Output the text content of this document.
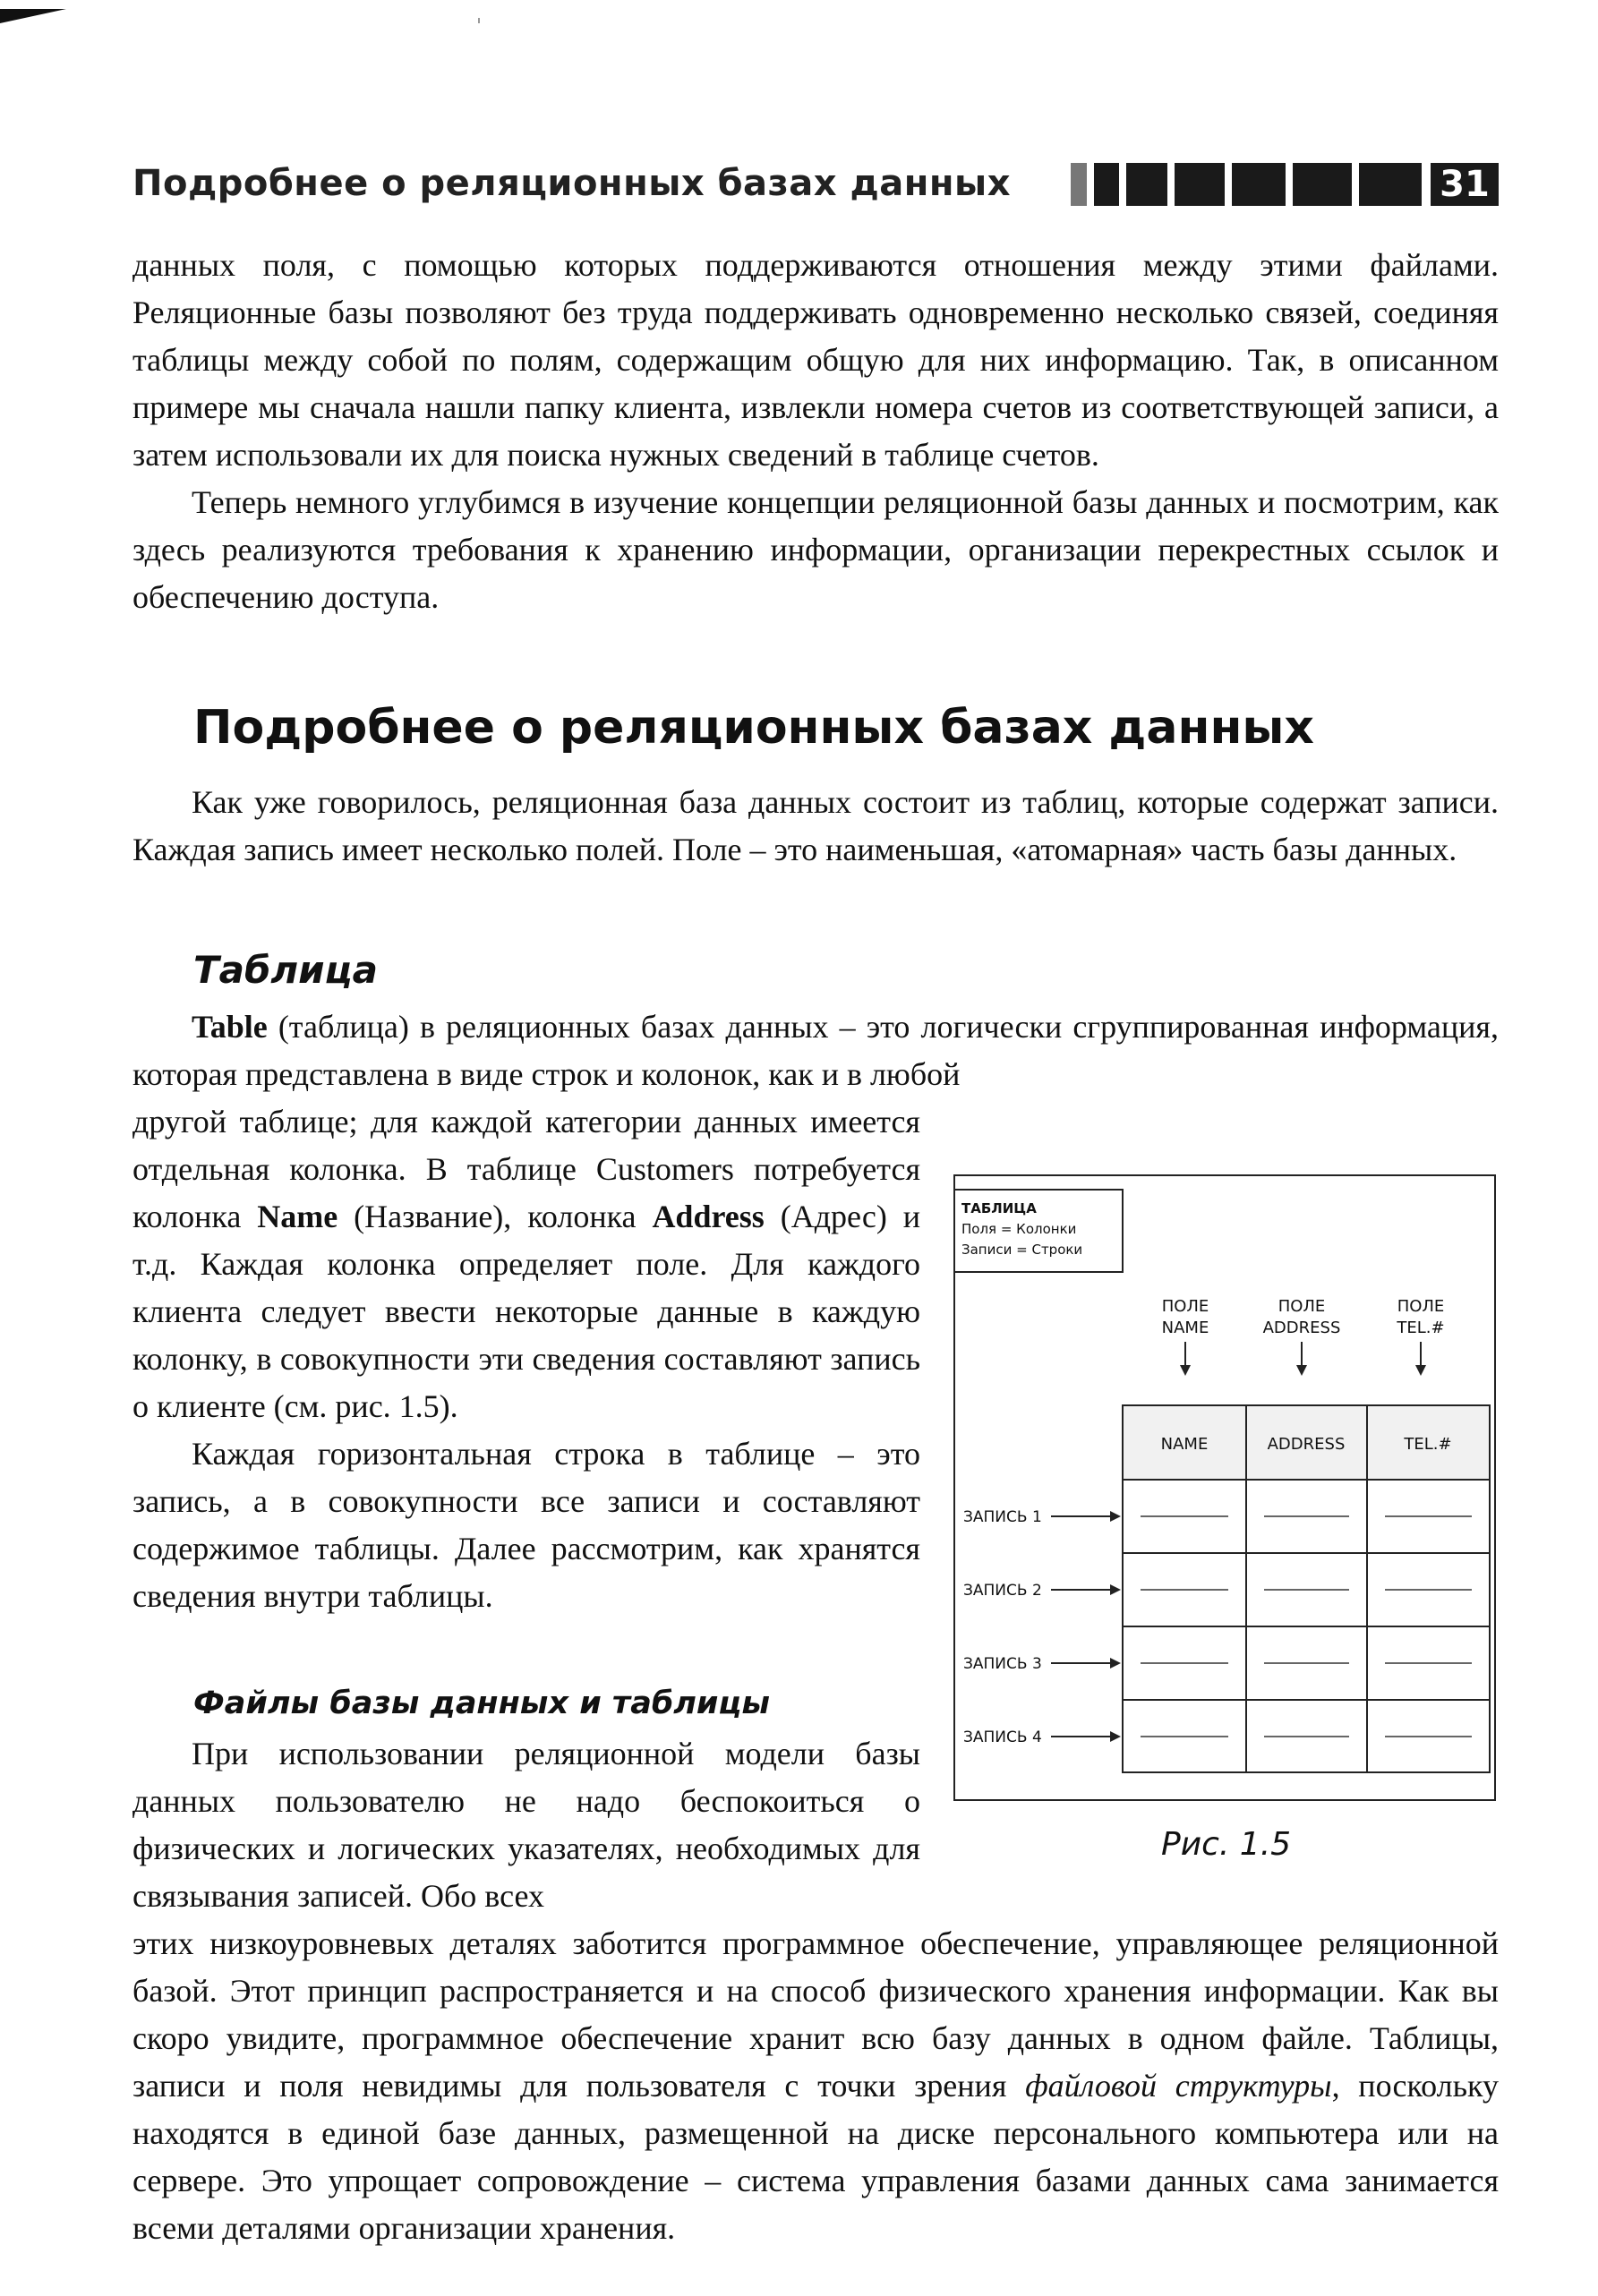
Подробнее о реляционных базах данных	31

данных поля, с помощью которых поддерживаются отношения между этими файлами. Реляционные базы позволяют без труда поддерживать одновременно несколько связей, соединяя таблицы между собой по полям, содержащим общую для них информацию. Так, в описанном примере мы сначала нашли папку клиента, извлекли номера счетов из соответствующей записи, а затем использовали их для поиска нужных сведений в таблице счетов.

Теперь немного углубимся в изучение концепции реляционной базы данных и посмотрим, как здесь реализуются требования к хранению информации, организации перекрестных ссылок и обеспечению доступа.

Подробнее о реляционных базах данных

Как уже говорилось, реляционная база данных состоит из таблиц, которые содержат записи. Каждая запись имеет несколько полей. Поле – это наименьшая, «атомарная» часть базы данных.

Таблица

Table (таблица) в реляционных базах данных – это логически сгруппированная информация, которая представлена в виде строк и колонок, как и в любой

другой таблице; для каждой категории данных имеется отдельная колонка. В таблице Customers потребуется колонка Name (Название), колонка Address (Адрес) и т.д. Каждая колонка определяет поле. Для каждого клиента следует ввести некоторые данные в каждую колонку, в совокупности эти сведения составляют запись о клиенте (см. рис. 1.5).

Каждая горизонтальная строка в таблице – это запись, а в совокупности все записи и составляют содержимое таблицы. Далее рассмотрим, как хранятся сведения внутри таблицы.

Файлы базы данных и таблицы

При использовании реляционной модели базы данных пользователю не надо беспокоиться о физических и логических указателях, необходимых для связывания записей. Обо всех

этих низкоуровневых деталях заботится программное обеспечение, управляющее реляционной базой. Этот принцип распространяется и на способ физического хранения информации. Как вы скоро увидите, программное обеспечение хранит всю базу данных в одном файле. Таблицы, записи и поля невидимы для пользователя с точки зрения файловой структуры, поскольку находятся в единой базе данных, размещенной на диске персонального компьютера или на сервере. Это упрощает сопровождение – система управления базами данных сама занимается всеми деталями организации хранения.

ТАБЛИЦА
Поля = Колонки
Записи = Строки
ПОЛЕ
NAME
ПОЛЕ
ADDRESS
ПОЛЕ
TEL.#
NAME	ADDRESS	TEL.#
ЗАПИСЬ 1
ЗАПИСЬ 2
ЗАПИСЬ 3
ЗАПИСЬ 4
Рис. 1.5
